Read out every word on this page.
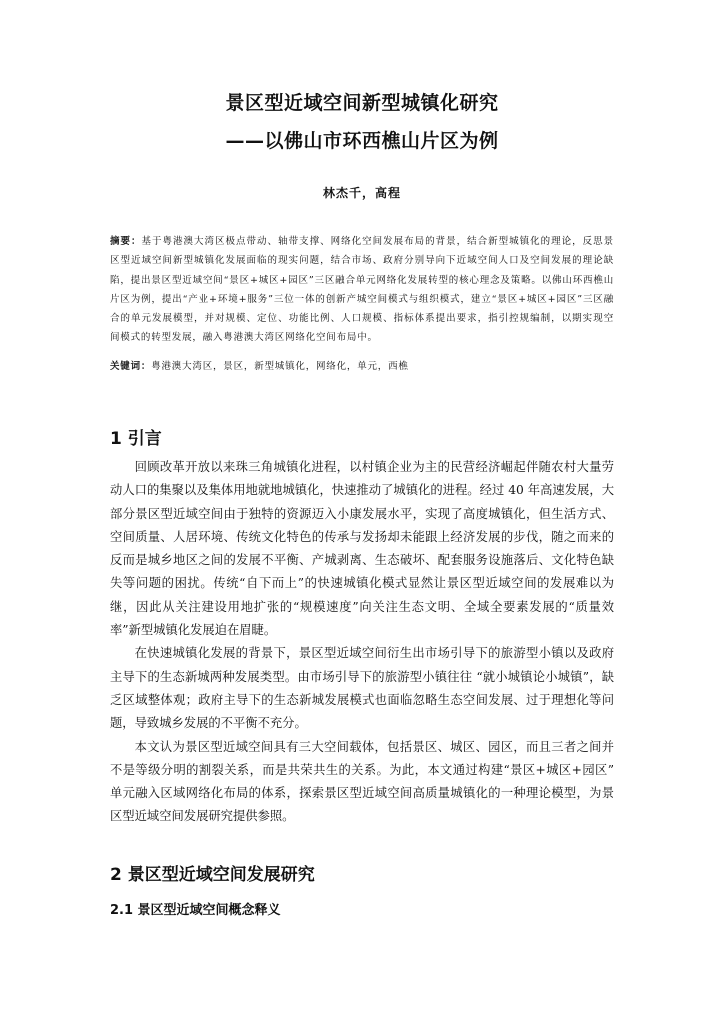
景区型近域空间新型城镇化研究
——以佛山市环西樵山片区为例
林杰千，高程
摘要：基于粤港澳大湾区极点带动、轴带支撑、网络化空间发展布局的背景，结合新型城镇化的理论，反思景区型近域空间新型城镇化发展面临的现实问题，结合市场、政府分别导向下近域空间人口及空间发展的理论缺陷，提出景区型近域空间“景区+城区+园区”三区融合单元网络化发展转型的核心理念及策略。以佛山环西樵山片区为例，提出“产业+环境+服务”三位一体的创新产城空间模式与组织模式，建立“景区+城区+园区”三区融合的单元发展模型，并对规模、定位、功能比例、人口规模、指标体系提出要求，指引控规编制，以期实现空间模式的转型发展，融入粤港澳大湾区网络化空间布局中。
关键词：粤港澳大湾区，景区，新型城镇化，网络化，单元，西樵
1 引言

回顾改革开放以来珠三角城镇化进程，以村镇企业为主的民营经济崛起伴随农村大量劳动人口的集聚以及集体用地就地城镇化，快速推动了城镇化的进程。经过 40 年高速发展，大部分景区型近域空间由于独特的资源迈入小康发展水平，实现了高度城镇化，但生活方式、空间质量、人居环境、传统文化特色的传承与发扬却未能跟上经济发展的步伐，随之而来的反而是城乡地区之间的发展不平衡、产城剥离、生态破坏、配套服务设施落后、文化特色缺失等问题的困扰。传统“自下而上”的快速城镇化模式显然让景区型近域空间的发展难以为继，因此从关注建设用地扩张的“规模速度”向关注生态文明、全域全要素发展的“质量效率”新型城镇化发展迫在眉睫。

在快速城镇化发展的背景下，景区型近域空间衍生出市场引导下的旅游型小镇以及政府主导下的生态新城两种发展类型。由市场引导下的旅游型小镇往往 “就小城镇论小城镇”，缺乏区域整体观；政府主导下的生态新城发展模式也面临忽略生态空间发展、过于理想化等问题，导致城乡发展的不平衡不充分。

本文认为景区型近域空间具有三大空间载体，包括景区、城区、园区，而且三者之间并不是等级分明的割裂关系，而是共荣共生的关系。为此，本文通过构建“景区+城区+园区” 单元融入区域网络化布局的体系，探索景区型近域空间高质量城镇化的一种理论模型，为景区型近域空间发展研究提供参照。

2 景区型近域空间发展研究
2.1 景区型近域空间概念释义
